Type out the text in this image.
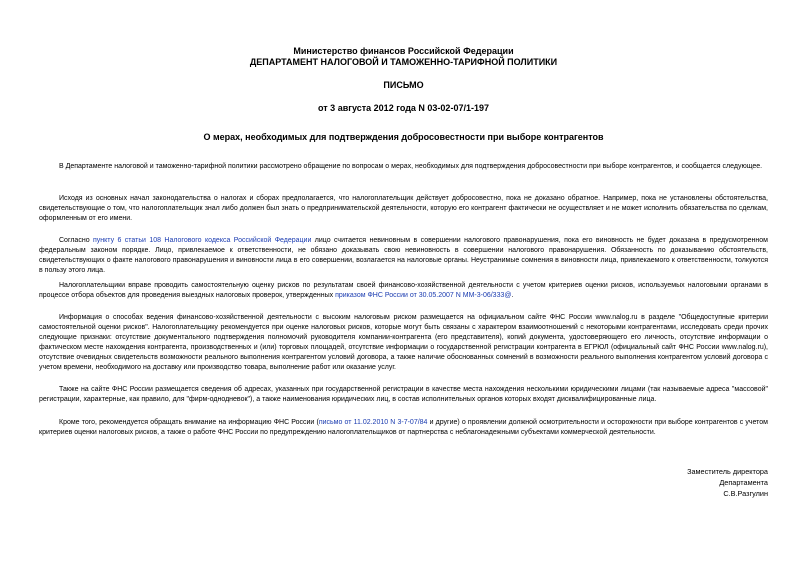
Министерство финансов Российской Федерации
ДЕПАРТАМЕНТ НАЛОГОВОЙ И ТАМОЖЕННО-ТАРИФНОЙ ПОЛИТИКИ
ПИСЬМО
от 3 августа 2012 года N 03-02-07/1-197
О мерах, необходимых для подтверждения добросовестности при выборе контрагентов
В Департаменте налоговой и таможенно-тарифной политики рассмотрено обращение по вопросам о мерах, необходимых для подтверждения добросовестности при выборе контрагентов, и сообщается следующее.
Исходя из основных начал законодательства о налогах и сборах предполагается, что налогоплательщик действует добросовестно, пока не доказано обратное. Например, пока не установлены обстоятельства, свидетельствующие о том, что налогоплательщик знал либо должен был знать о предпринимательской деятельности, которую его контрагент фактически не осуществляет и не может исполнить обязательства по сделкам, оформленным от его имени.
Согласно пункту 6 статьи 108 Налогового кодекса Российской Федерации лицо считается невиновным в совершении налогового правонарушения, пока его виновность не будет доказана в предусмотренном федеральным законом порядке. Лицо, привлекаемое к ответственности, не обязано доказывать свою невиновность в совершении налогового правонарушения. Обязанность по доказыванию обстоятельств, свидетельствующих о факте налогового правонарушения и виновности лица в его совершении, возлагается на налоговые органы. Неустранимые сомнения в виновности лица, привлекаемого к ответственности, толкуются в пользу этого лица.
Налогоплательщики вправе проводить самостоятельную оценку рисков по результатам своей финансово-хозяйственной деятельности с учетом критериев оценки рисков, используемых налоговыми органами в процессе отбора объектов для проведения выездных налоговых проверок, утвержденных приказом ФНС России от 30.05.2007 N ММ-3-06/333@.
Информация о способах ведения финансово-хозяйственной деятельности с высоким налоговым риском размещается на официальном сайте ФНС России www.nalog.ru в разделе "Общедоступные критерии самостоятельной оценки рисков". Налогоплательщику рекомендуется при оценке налоговых рисков, которые могут быть связаны с характером взаимоотношений с некоторыми контрагентами, исследовать среди прочих следующие признаки: отсутствие документального подтверждения полномочий руководителя компании-контрагента (его представителя), копий документа, удостоверяющего его личность, отсутствие информации о фактическом месте нахождения контрагента, производственных и (или) торговых площадей, отсутствие информации о государственной регистрации контрагента в ЕГРЮЛ (официальный сайт ФНС России www.nalog.ru), отсутствие очевидных свидетельств возможности реального выполнения контрагентом условий договора, а также наличие обоснованных сомнений в возможности реального выполнения контрагентом условий договора с учетом времени, необходимого на доставку или производство товара, выполнение работ или оказание услуг.
Также на сайте ФНС России размещается сведения об адресах, указанных при государственной регистрации в качестве места нахождения несколькими юридическими лицами (так называемые адреса "массовой" регистрации, характерные, как правило, для "фирм-однодневок"), а также наименования юридических лиц, в состав исполнительных органов которых входят дисквалифицированные лица.
Кроме того, рекомендуется обращать внимание на информацию ФНС России (письмо от 11.02.2010 N 3-7-07/84 и другие) о проявлении должной осмотрительности и осторожности при выборе контрагентов с учетом критериев оценки налоговых рисков, а также о работе ФНС России по предупреждению налогоплательщиков от партнерства с неблагонадежными субъектами коммерческой деятельности.
Заместитель директора
Департамента
С.В.Разгулин
